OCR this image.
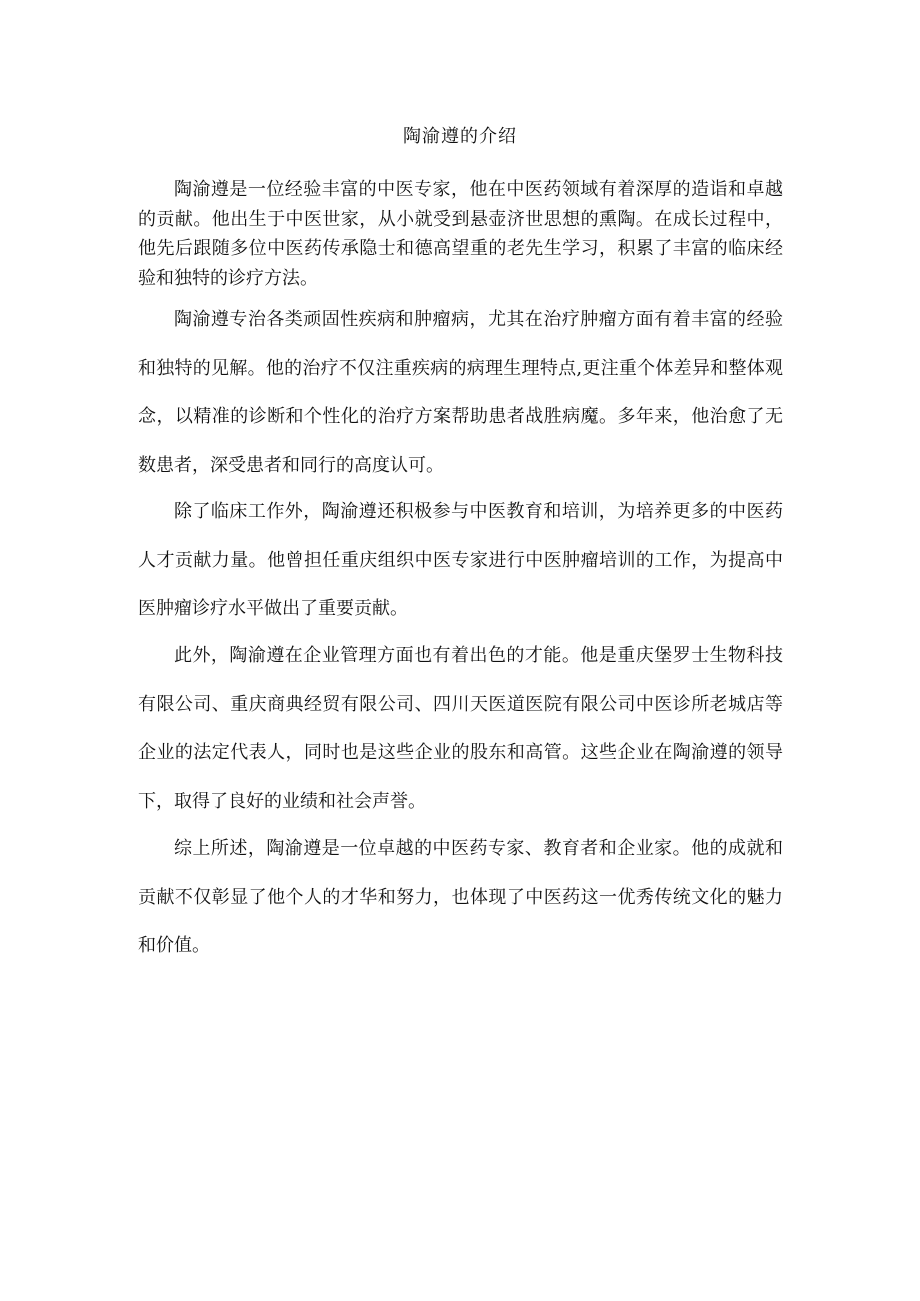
陶渝遵的介绍

陶渝遵是一位经验丰富的中医专家，他在中医药领域有着深厚的造诣和卓越的贡献。他出生于中医世家，从小就受到悬壶济世思想的熏陶。在成长过程中，他先后跟随多位中医药传承隐士和德高望重的老先生学习，积累了丰富的临床经验和独特的诊疗方法。

陶渝遵专治各类顽固性疾病和肿瘤病，尤其在治疗肿瘤方面有着丰富的经验和独特的见解。他的治疗不仅注重疾病的病理生理特点,更注重个体差异和整体观念，以精准的诊断和个性化的治疗方案帮助患者战胜病魔。多年来，他治愈了无数患者，深受患者和同行的高度认可。

除了临床工作外，陶渝遵还积极参与中医教育和培训，为培养更多的中医药人才贡献力量。他曾担任重庆组织中医专家进行中医肿瘤培训的工作，为提高中医肿瘤诊疗水平做出了重要贡献。

此外，陶渝遵在企业管理方面也有着出色的才能。他是重庆堡罗士生物科技有限公司、重庆商典经贸有限公司、四川天医道医院有限公司中医诊所老城店等企业的法定代表人，同时也是这些企业的股东和高管。这些企业在陶渝遵的领导下，取得了良好的业绩和社会声誉。

综上所述，陶渝遵是一位卓越的中医药专家、教育者和企业家。他的成就和贡献不仅彰显了他个人的才华和努力，也体现了中医药这一优秀传统文化的魅力和价值。
